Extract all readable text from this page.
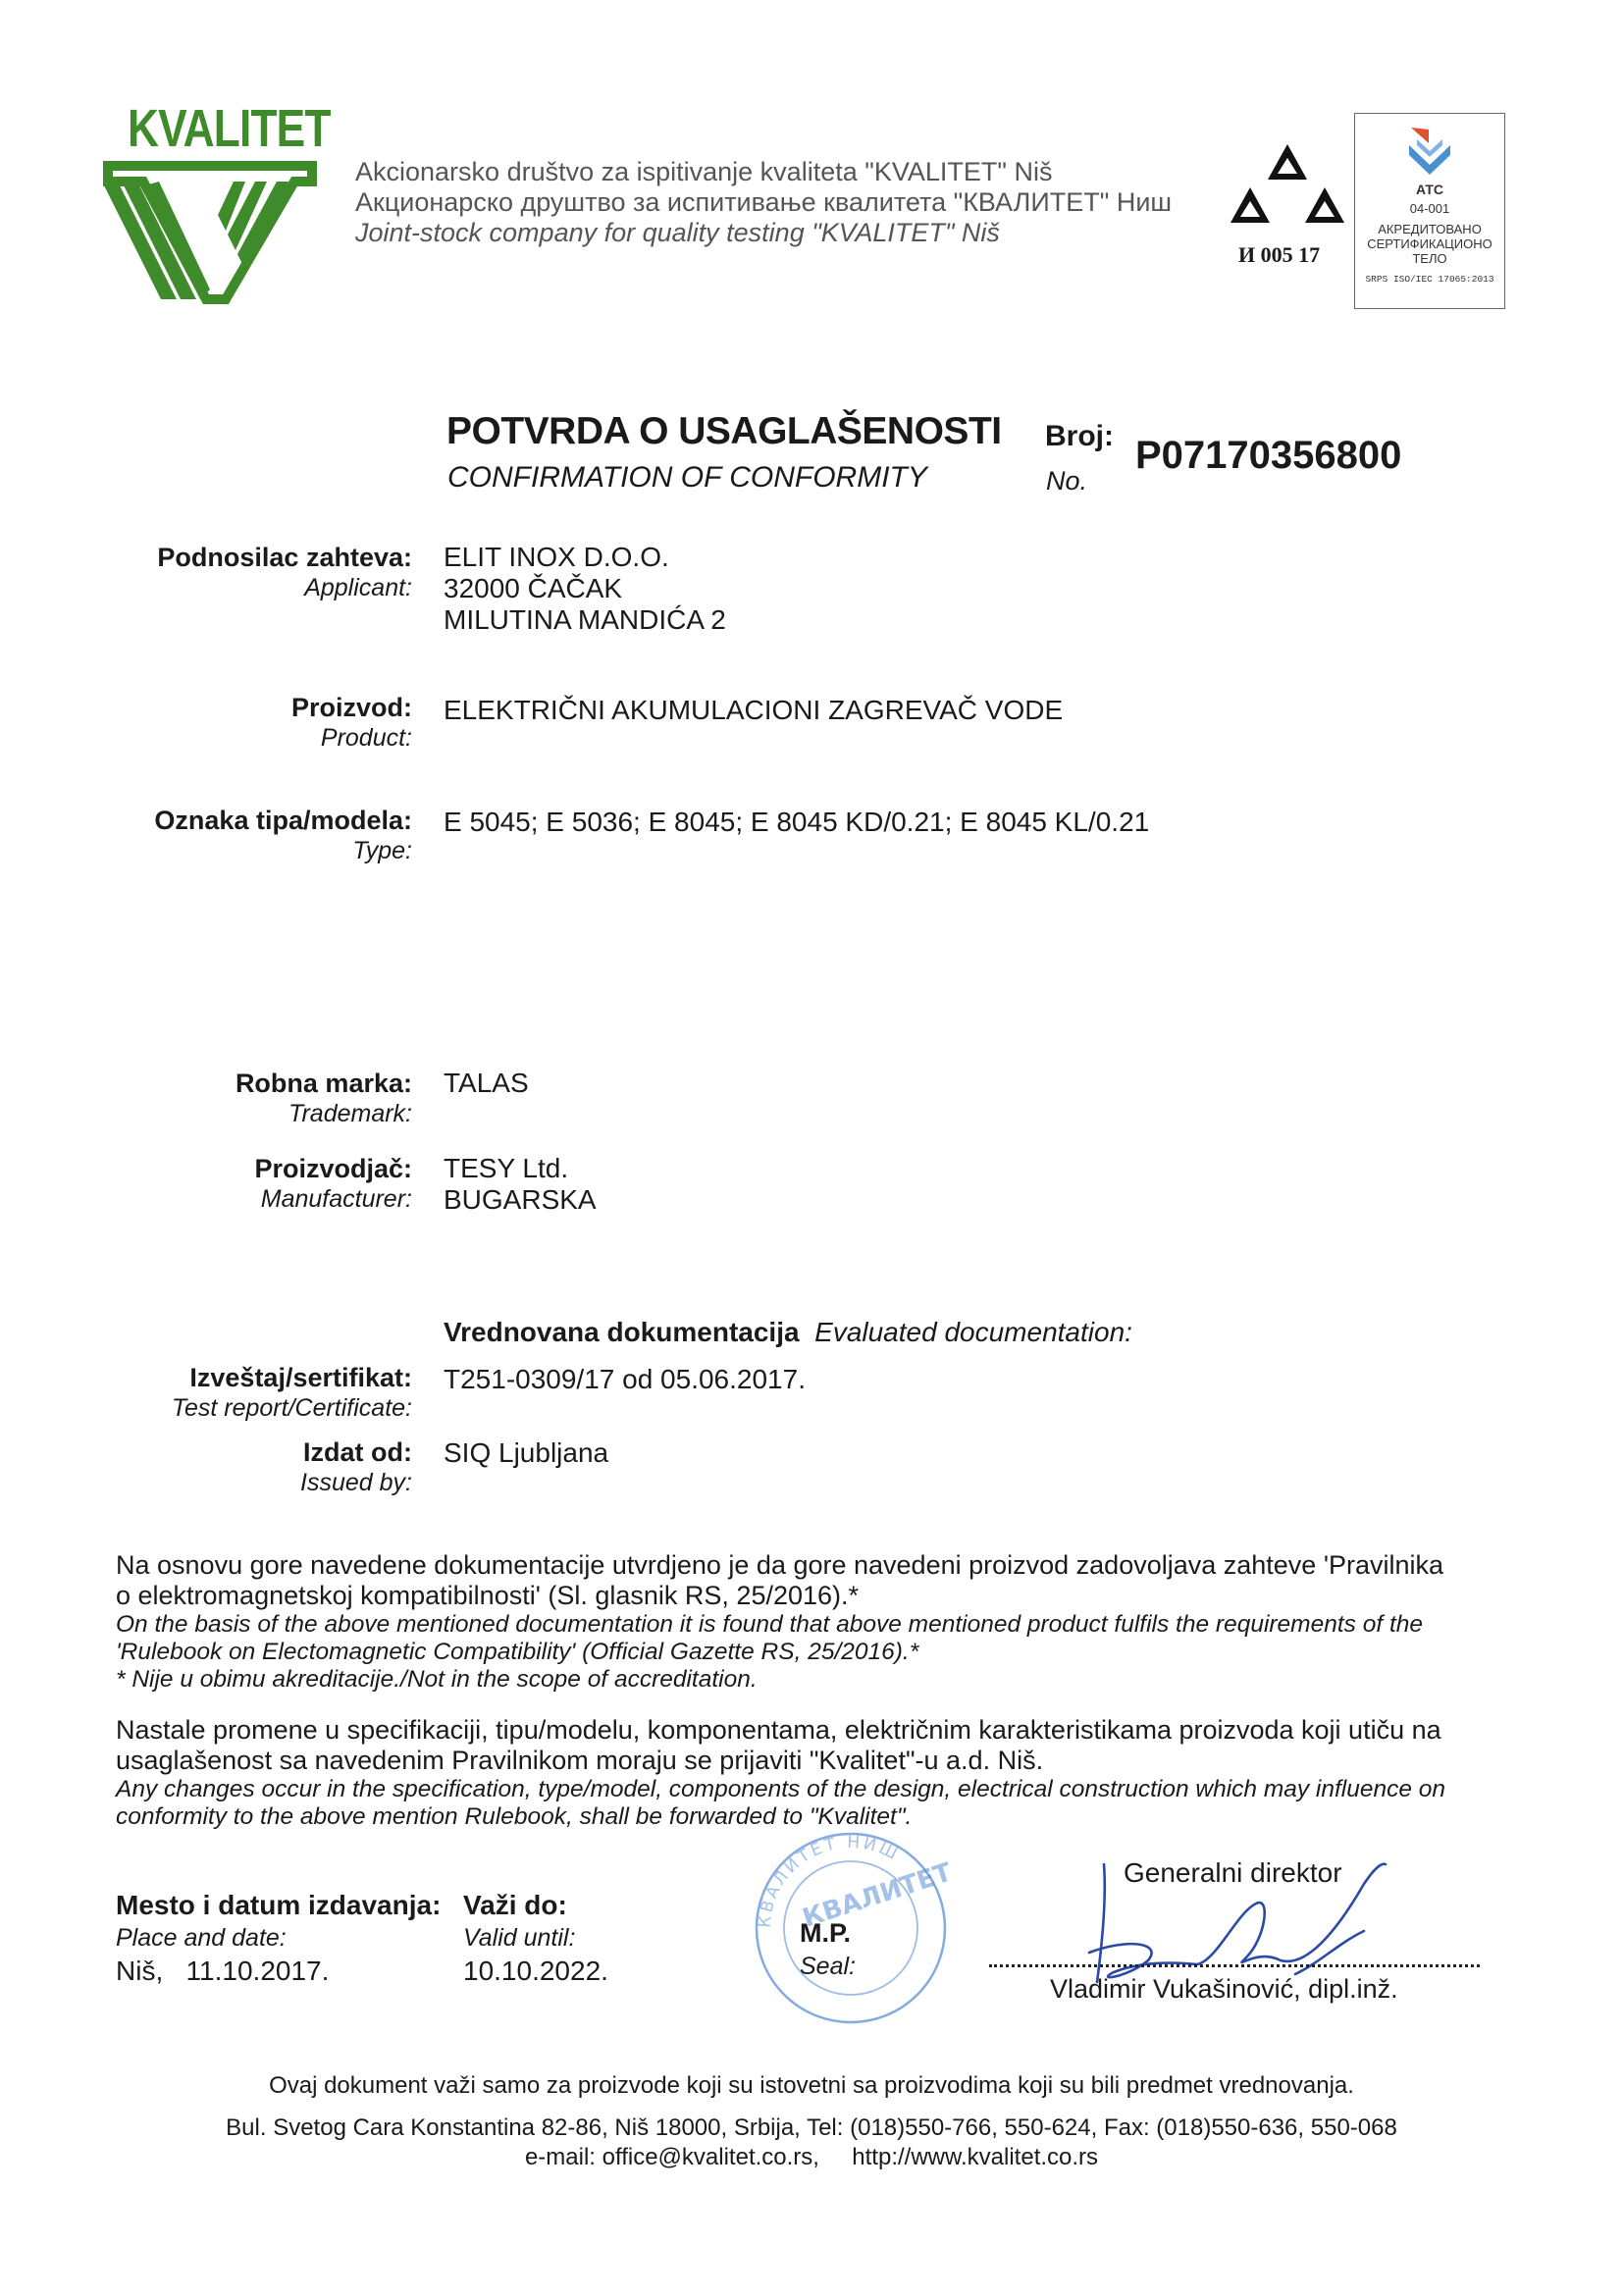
KVALITET
Akcionarsko društvo za ispitivanje kvaliteta "KVALITET" Niš
Акционарско друштво за испитивање квалитета "КВАЛИТЕТ" Ниш
Joint-stock company for quality testing "KVALITET" Niš
И 005 17
АТС
04-001
АКРЕДИТОВАНО
СЕРТИФИКАЦИОНО
ТЕЛО
SRPS ISO/IEC 17065:2013
POTVRDA O USAGLAŠENOSTI
CONFIRMATION OF CONFORMITY
Broj:
No.
P07170356800
Podnosilac zahteva:
Applicant:
ELIT INOX D.O.O.
32000 ČAČAK
MILUTINA MANDIĆA 2
Proizvod:
Product:
ELEKTRIČNI AKUMULACIONI ZAGREVAČ VODE
Oznaka tipa/modela:
Type:
E 5045; E 5036; E 8045; E 8045 KD/0.21; E 8045 KL/0.21
Robna marka:
Trademark:
TALAS
Proizvodjač:
Manufacturer:
TESY Ltd.
BUGARSKA
Vrednovana dokumentacija Evaluated documentation:
Izveštaj/sertifikat:
Test report/Certificate:
T251-0309/17 od 05.06.2017.
Izdat od:
Issued by:
SIQ Ljubljana
Na osnovu gore navedene dokumentacije utvrdjeno je da gore navedeni proizvod zadovoljava zahteve 'Pravilnika
o elektromagnetskoj kompatibilnosti' (Sl. glasnik RS, 25/2016).*
On the basis of the above mentioned documentation it is found that above mentioned product fulfils the requirements of the
'Rulebook on Electomagnetic Compatibility' (Official Gazette RS, 25/2016).*
* Nije u obimu akreditacije./Not in the scope of accreditation.
Nastale promene u specifikaciji, tipu/modelu, komponentama, električnim karakteristikama proizvoda koji utiču na
usaglašenost sa navedenim Pravilnikom moraju se prijaviti "Kvalitet"-u a.d. Niš.
Any changes occur in the specification, type/model, components of the design, electrical construction which may influence on
conformity to the above mention Rulebook, shall be forwarded to "Kvalitet".
Mesto i datum izdavanja:
Place and date:
Niš,   11.10.2017.
Važi do:
Valid until:
10.10.2022.
КВАЛИТЕТ НИШ
КВАЛИТЕТ
M.P.
Seal:
Generalni direktor
Vladimir Vukašinović, dipl.inž.
Ovaj dokument važi samo za proizvode koji su istovetni sa proizvodima koji su bili predmet vrednovanja.
Bul. Svetog Cara Konstantina 82-86, Niš 18000, Srbija, Tel: (018)550-766, 550-624, Fax: (018)550-636, 550-068
e-mail: office@kvalitet.co.rs,     http://www.kvalitet.co.rs
